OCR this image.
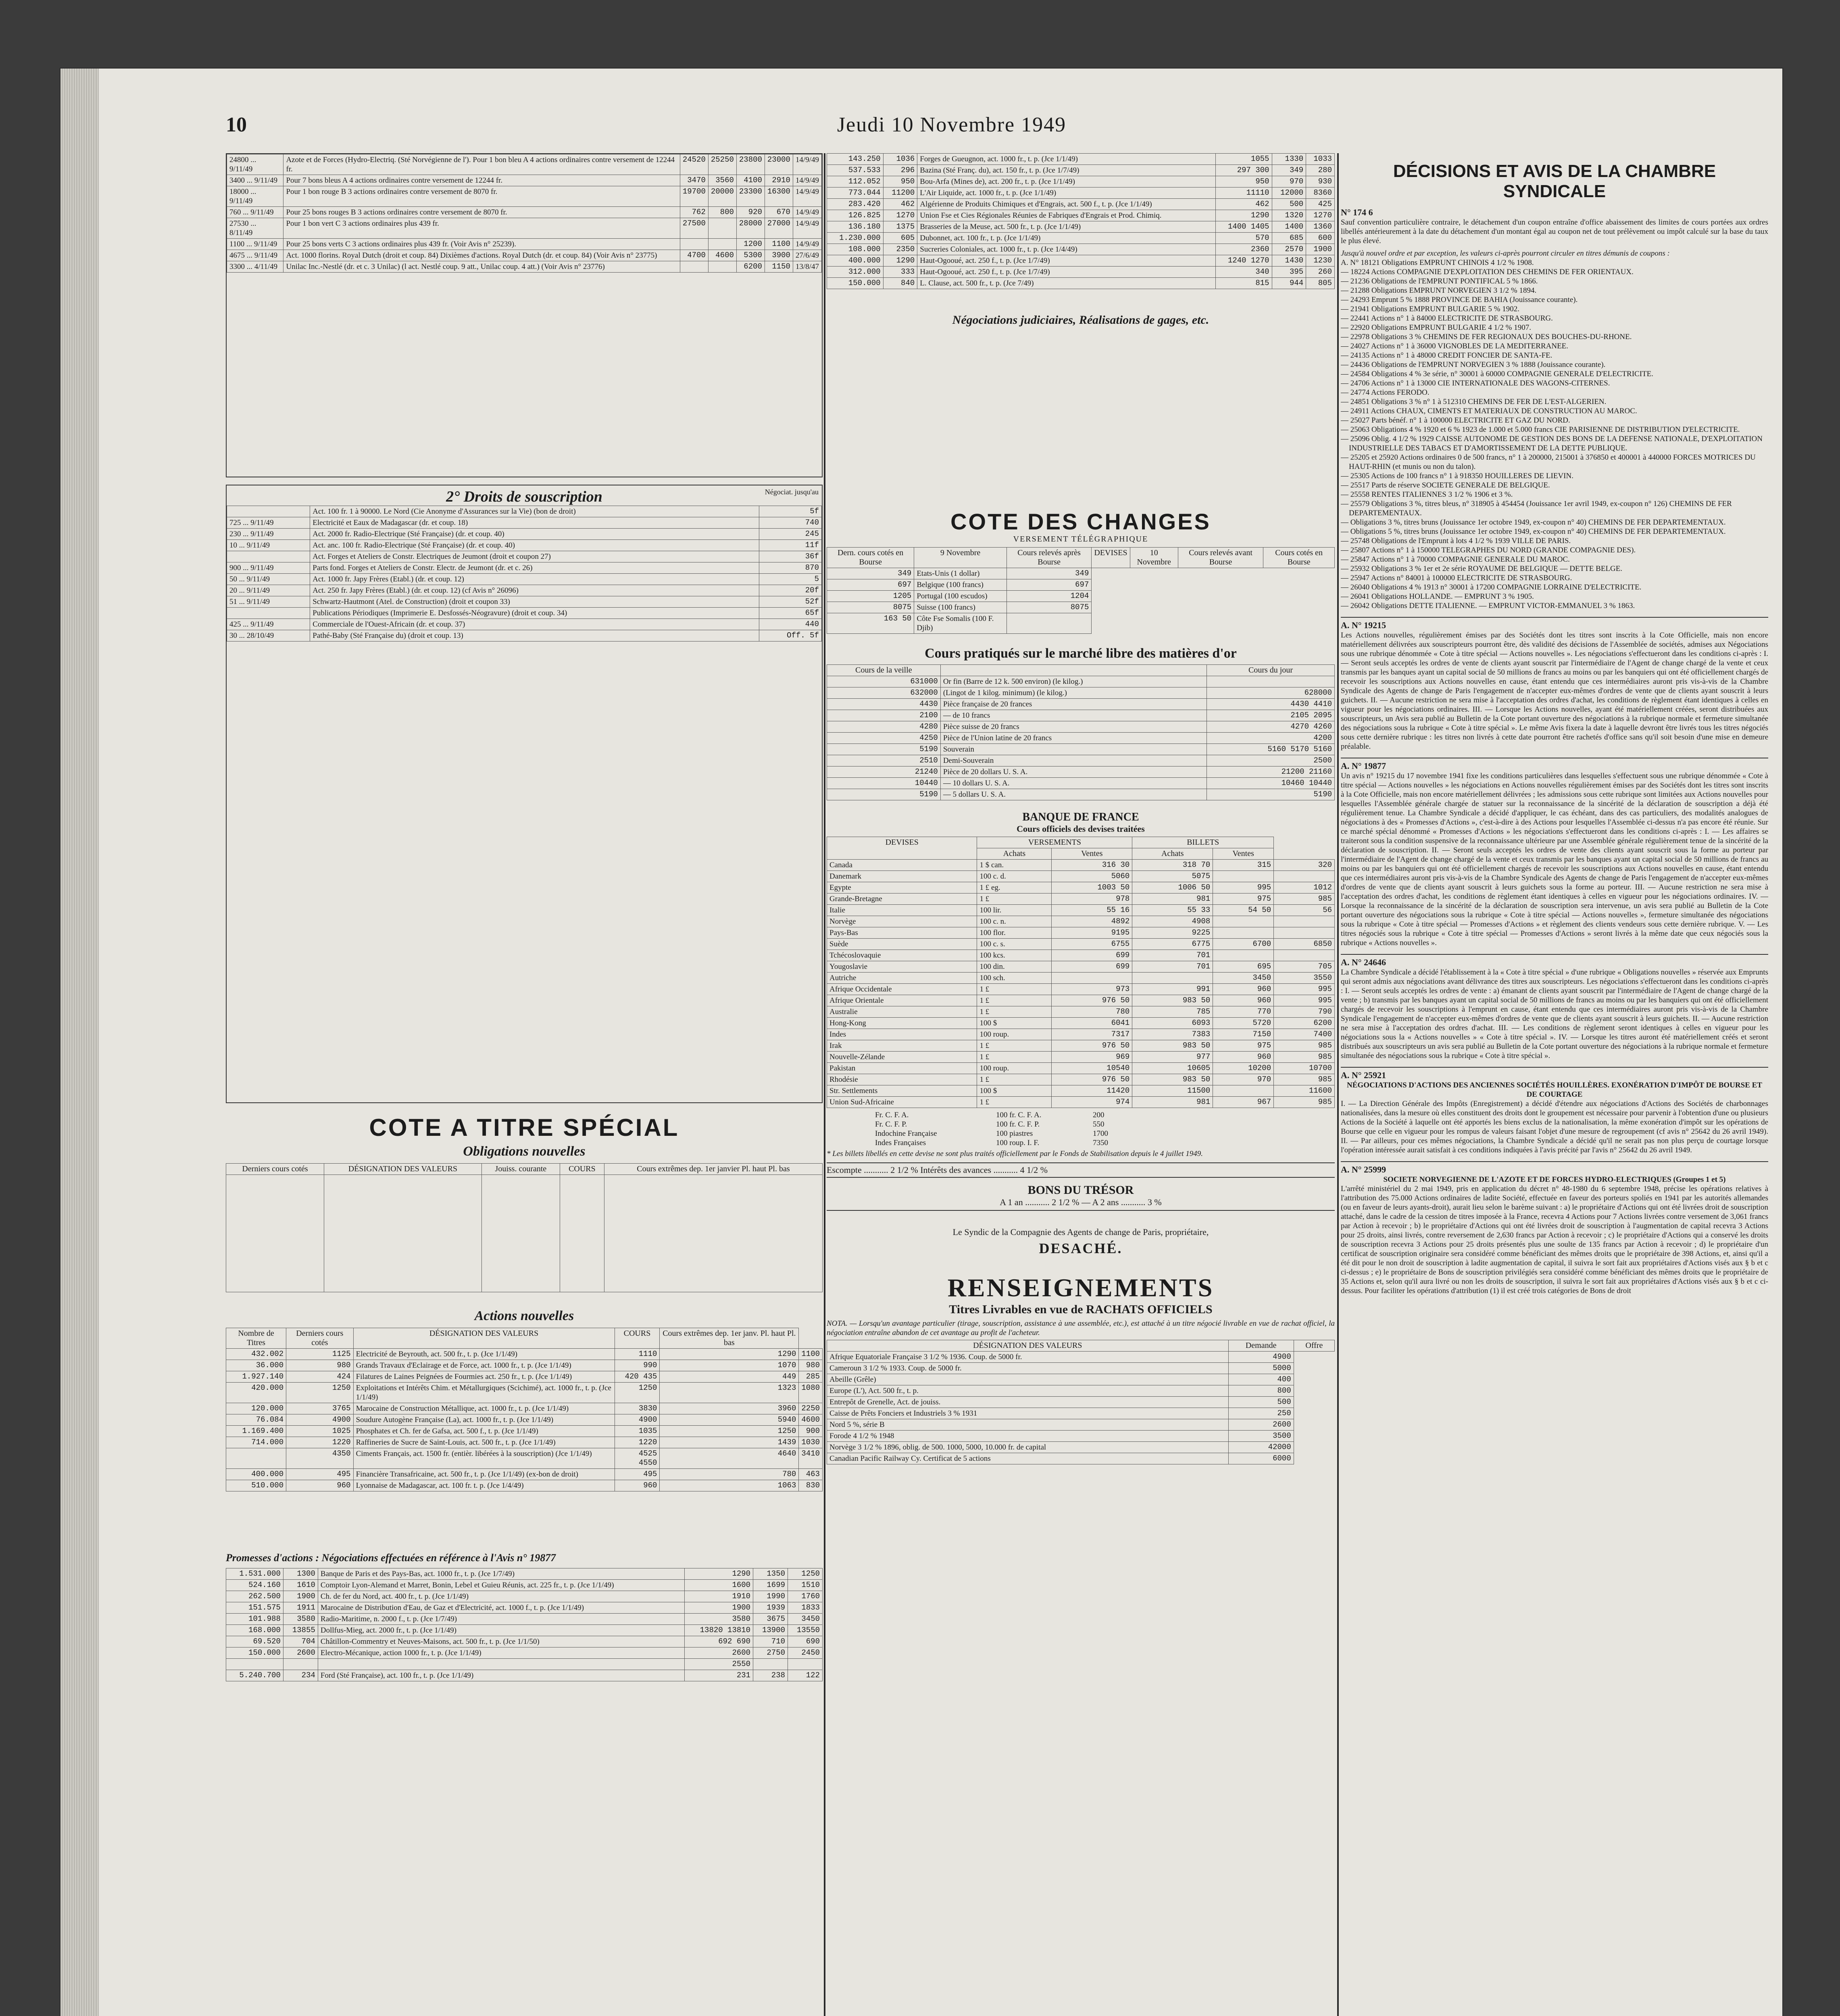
10	Jeudi 10 Novembre 1949
24800 ... 9/11/49	Azote et de Forces (Hydro-Electriq. (Sté Norvégienne de l'). Pour 1 bon bleu A 4 actions ordinaires contre versement de 12244 fr.	24520	25250	23800	23000	14/9/49
3400 ... 9/11/49	Pour 7 bons bleus A 4 actions ordinaires contre versement de 12244 fr.	3470	3560	4100	2910	14/9/49
18000 ... 9/11/49	Pour 1 bon rouge B 3 actions ordinaires contre versement de 8070 fr.	19700	20000	23300	16300	14/9/49
760 ... 9/11/49	Pour 25 bons rouges B 3 actions ordinaires contre versement de 8070 fr.	762	800	920	670	14/9/49
27530 ... 8/11/49	Pour 1 bon vert C 3 actions ordinaires plus 439 fr.	27500		28000	27000	14/9/49
1100 ... 9/11/49	Pour 25 bons verts C 3 actions ordinaires plus 439 fr. (Voir Avis n° 25239).			1200	1100	14/9/49
4675 ... 9/11/49	Act. 1000 florins. Royal Dutch (droit et coup. 84) Dixièmes d'actions. Royal Dutch (dr. et coup. 84) (Voir Avis n° 23775)	4700	4600	5300	3900	27/6/49
3300 ... 4/11/49	Unilac Inc.-Nestlé (dr. et c. 3 Unilac) (l act. Nestlé coup. 9 att., Unilac coup. 4 att.) (Voir Avis n° 23776)			6200	1150	13/8/47
2° Droits de souscription	Négociat. jusqu'au
	Act. 100 fr. 1 à 90000. Le Nord (Cie Anonyme d'Assurances sur la Vie) (bon de droit)	5f
725 ... 9/11/49	Electricité et Eaux de Madagascar (dr. et coup. 18)	740
230 ... 9/11/49	Act. 2000 fr. Radio-Electrique (Sté Française) (dr. et coup. 40)	245
10 ... 9/11/49	Act. anc. 100 fr. Radio-Electrique (Sté Française) (dr. et coup. 40)	11f
	Act. Forges et Ateliers de Constr. Electriques de Jeumont (droit et coupon 27)	36f
900 ... 9/11/49	Parts fond. Forges et Ateliers de Constr. Electr. de Jeumont (dr. et c. 26)	870
50 ... 9/11/49	Act. 1000 fr. Japy Frères (Etabl.) (dr. et coup. 12)	5
20 ... 9/11/49	Act. 250 fr. Japy Frères (Etabl.) (dr. et coup. 12) (cf Avis n° 26096)	20f
51 ... 9/11/49	Schwartz-Hautmont (Atel. de Construction) (droit et coupon 33)	52f
	Publications Périodiques (Imprimerie E. Desfossés-Néogravure) (droit et coup. 34)	65f
425 ... 9/11/49	Commerciale de l'Ouest-Africain (dr. et coup. 37)	440
30 ... 28/10/49	Pathé-Baby (Sté Française du) (droit et coup. 13)	Off. 5f
COTE A TITRE SPÉCIAL
Obligations nouvelles
Derniers cours cotés	DÉSIGNATION DES VALEURS	Jouiss. courante	COURS	Cours extrêmes dep. 1er janvier Pl. haut Pl. bas

Actions nouvelles
Nombre de Titres	Derniers cours cotés	DÉSIGNATION DES VALEURS	COURS	Cours extrêmes dep. 1er janv. Pl. haut Pl. bas	
432.002	1125	Electricité de Beyrouth, act. 500 fr., t. p. (Jce 1/1/49)	1110	1290	1100
36.000	980	Grands Travaux d'Eclairage et de Force, act. 1000 fr., t. p. (Jce 1/1/49)	990	1070	980
1.927.140	424	Filatures de Laines Peignées de Fourmies act. 250 fr., t. p. (Jce 1/1/49)	420 435	449	285
420.000	1250	Exploitations et Intérêts Chim. et Métallurgiques (Scichimé), act. 1000 fr., t. p. (Jce 1/1/49)	1250	1323	1080
120.000	3765	Marocaine de Construction Métallique, act. 1000 fr., t. p. (Jce 1/1/49)	3830	3960	2250
76.084	4900	Soudure Autogène Française (La), act. 1000 fr., t. p. (Jce 1/1/49)	4900	5940	4600
1.169.400	1025	Phosphates et Ch. fer de Gafsa, act. 500 f., t. p. (Jce 1/1/49)	1035	1250	900
714.000	1220	Raffineries de Sucre de Saint-Louis, act. 500 fr., t. p. (Jce 1/1/49)	1220	1439	1030
	4350	Ciments Français, act. 1500 fr. (entièr. libérées à la souscription) (Jce 1/1/49)	4525 4550	4640	3410
400.000	495	Financière Transafricaine, act. 500 fr., t. p. (Jce 1/1/49) (ex-bon de droit)	495	780	463
510.000	960	Lyonnaise de Madagascar, act. 100 fr. t. p. (Jce 1/4/49)	960	1063	830
Promesses d'actions : Négociations effectuées en référence à l'Avis n° 19877
1.531.000	1300	Banque de Paris et des Pays-Bas, act. 1000 fr., t. p. (Jce 1/7/49)	1290	1350	1250
524.160	1610	Comptoir Lyon-Alemand et Marret, Bonin, Lebel et Guieu Réunis, act. 225 fr., t. p. (Jce 1/1/49)	1600	1699	1510
262.500	1900	Ch. de fer du Nord, act. 400 fr., t. p. (Jce 1/1/49)	1910	1990	1760
151.575	1911	Marocaine de Distribution d'Eau, de Gaz et d'Electricité, act. 1000 f., t. p. (Jce 1/1/49)	1900	1939	1833
101.988	3580	Radio-Maritime, n. 2000 f., t. p. (Jce 1/7/49)	3580	3675	3450
168.000	13855	Dollfus-Mieg, act. 2000 fr., t. p. (Jce 1/1/49)	13820 13810	13900	13550
69.520	704	Châtillon-Commentry et Neuves-Maisons, act. 500 fr., t. p. (Jce 1/1/50)	692 690	710	690
150.000	2600	Electro-Mécanique, action 1000 fr., t. p. (Jce 1/1/49)	2600	2750	2450
			2550		
5.240.700	234	Ford (Sté Française), act. 100 fr., t. p. (Jce 1/1/49)	231	238	122
143.250	1036	Forges de Gueugnon, act. 1000 fr., t. p. (Jce 1/1/49)	1055	1330	1033
537.533	296	Bazina (Sté Franç. du), act. 150 fr., t. p. (Jce 1/7/49)	297 300	349	280
112.052	950	Bou-Arfa (Mines de), act. 200 fr., t. p. (Jce 1/1/49)	950	970	930
773.044	11200	L'Air Liquide, act. 1000 fr., t. p. (Jce 1/1/49)	11110	12000	8360
283.420	462	Algérienne de Produits Chimiques et d'Engrais, act. 500 f., t. p. (Jce 1/1/49)	462	500	425
126.825	1270	Union Fse et Cies Régionales Réunies de Fabriques d'Engrais et Prod. Chimiq.	1290	1320	1270
136.180	1375	Brasseries de la Meuse, act. 500 fr., t. p. (Jce 1/1/49)	1400 1405	1400	1360
1.230.000	605	Dubonnet, act. 100 fr., t. p. (Jce 1/1/49)	570	685	600
108.000	2350	Sucreries Coloniales, act. 1000 fr., t. p. (Jce 1/4/49)	2360	2570	1900
400.000	1290	Haut-Ogooué, act. 250 f., t. p. (Jce 1/7/49)	1240 1270	1430	1230
312.000	333	Haut-Ogooué, act. 250 f., t. p. (Jce 1/7/49)	340	395	260
150.000	840	L. Clause, act. 500 fr., t. p. (Jce 7/49)	815	944	805
Négociations judiciaires, Réalisations de gages, etc.
COTE DES CHANGES
VERSEMENT TÉLÉGRAPHIQUE
Dern. cours cotés en Bourse	9 Novembre	Cours relevés après Bourse	DEVISES	10 Novembre	Cours relevés avant Bourse	Cours cotés en Bourse
349	Etats-Unis (1 dollar)	349				
697	Belgique (100 francs)	697				
1205	Portugal (100 escudos)	1204				
8075	Suisse (100 francs)	8075				
163 50	Côte Fse Somalis (100 F. Djib)					
Cours pratiqués sur le marché libre des matières d'or
Cours de la veille		Cours du jour
631000	Or fin (Barre de 12 k. 500 environ) (le kilog.)	
632000	(Lingot de 1 kilog. minimum) (le kilog.)	628000
4430	Pièce française de 20 frances	4430 4410
2100	— de 10 francs	2105 2095
4280	Pièce suisse de 20 francs	4270 4260
4250	Pièce de l'Union latine de 20 francs	4200
5190	Souverain	5160 5170 5160
2510	Demi-Souverain	2500
21240	Pièce de 20 dollars U. S. A.	21200 21160
10440	— 10 dollars U. S. A.	10460 10440
5190	— 5 dollars U. S. A.	5190
BANQUE DE FRANCE
Cours officiels des devises traitées
DEVISES	VERSEMENTS		BILLETS		
	Achats	Ventes	Achats	Ventes	
Canada	1 $ can.	316 30	318 70	315	320
Danemark	100 c. d.	5060	5075		
Egypte	1 £ eg.	1003 50	1006 50	995	1012
Grande-Bretagne	1 £	978	981	975	985
Italie	100 lir.	55 16	55 33	54 50	56
Norvège	100 c. n.	4892	4908		
Pays-Bas	100 flor.	9195	9225		
Suède	100 c. s.	6755	6775	6700	6850
Tchécoslovaquie	100 kcs.	699	701		
Yougoslavie	100 din.	699	701	695	705
Autriche	100 sch.			3450	3550
Afrique Occidentale	1 £	973	991	960	995
Afrique Orientale	1 £	976 50	983 50	960	995
Australie	1 £	780	785	770	790
Hong-Kong	100 $	6041	6093	5720	6200
Indes	100 roup.	7317	7383	7150	7400
Irak	1 £	976 50	983 50	975	985
Nouvelle-Zélande	1 £	969	977	960	985
Pakistan	100 roup.	10540	10605	10200	10700
Rhodésie	1 £	976 50	983 50	970	985
Str. Settlements	100 $	11420	11500		11600
Union Sud-Africaine	1 £	974	981	967	985
Fr. C. F. A.	100 fr. C. F. A.	200
Fr. C. F. P.	100 fr. C. F. P.	550
Indochine Française	100 piastres	1700
Indes Françaises	100 roup. I. F.	7350
* Les billets libellés en cette devise ne sont plus traités officiellement par le Fonds de Stabilisation depuis le 4 juillet 1949.
Escompte ........... 2 1/2 % Intérêts des avances ........... 4 1/2 %
BONS DU TRÉSOR
A 1 an ........... 2 1/2 % — A 2 ans ........... 3 %
Le Syndic de la Compagnie des Agents de change de Paris, propriétaire,
DESACHÉ.
RENSEIGNEMENTS
Titres Livrables en vue de RACHATS OFFICIELS
NOTA. — Lorsqu'un avantage particulier (tirage, souscription, assistance à une assemblée, etc.), est attaché à un titre négocié livrable en vue de rachat officiel, la négociation entraîne abandon de cet avantage au profit de l'acheteur.
DÉSIGNATION DES VALEURS	Demande	Offre
Afrique Equatoriale Française 3 1/2 % 1936. Coup. de 5000 fr.	4900	
Cameroun 3 1/2 % 1933. Coup. de 5000 fr.	5000	
Abeille (Grêle)	400	
Europe (L'), Act. 500 fr., t. p.	800	
Entrepôt de Grenelle, Act. de jouiss.	500	
Caisse de Prêts Fonciers et Industriels 3 % 1931	250	
Nord 5 %, série B	2600	
Forode 4 1/2 % 1948	3500	
Norvège 3 1/2 % 1896, oblig. de 500. 1000, 5000, 10.000 fr. de capital	42000	
Canadian Pacific Railway Cy. Certificat de 5 actions	6000	
DÉCISIONS ET AVIS DE LA CHAMBRE SYNDICALE
N° 174 6
Sauf convention particulière contraire, le détachement d'un coupon entraîne d'office abaissement des limites de cours portées aux ordres libellés antérieurement à la date du détachement d'un montant égal au coupon net de tout prélèvement ou impôt calculé sur la base du taux le plus élevé.
Jusqu'à nouvel ordre et par exception, les valeurs ci-après pourront circuler en titres démunis de coupons :
A. N° 18121 Obligations EMPRUNT CHINOIS 4 1/2 % 1908.
— 18224 Actions COMPAGNIE D'EXPLOITATION DES CHEMINS DE FER ORIENTAUX.
— 21236 Obligations de l'EMPRUNT PONTIFICAL 5 % 1866.
— 21288 Obligations EMPRUNT NORVEGIEN 3 1/2 % 1894.
— 24293 Emprunt 5 % 1888 PROVINCE DE BAHIA (Jouissance courante).
— 21941 Obligations EMPRUNT BULGARIE 5 % 1902.
— 22441 Actions n° 1 à 84000 ELECTRICITE DE STRASBOURG.
— 22920 Obligations EMPRUNT BULGARIE 4 1/2 % 1907.
— 22978 Obligations 3 % CHEMINS DE FER REGIONAUX DES BOUCHES-DU-RHONE.
— 24027 Actions n° 1 à 36000 VIGNOBLES DE LA MEDITERRANEE.
— 24135 Actions n° 1 à 48000 CREDIT FONCIER DE SANTA-FE.
— 24436 Obligations de l'EMPRUNT NORVEGIEN 3 % 1888 (Jouissance courante).
— 24584 Obligations 4 % 3e série, n° 30001 à 60000 COMPAGNIE GENERALE D'ELECTRICITE.
— 24706 Actions n° 1 à 13000 CIE INTERNATIONALE DES WAGONS-CITERNES.
— 24774 Actions FERODO.
— 24851 Obligations 3 % n° 1 à 512310 CHEMINS DE FER DE L'EST-ALGERIEN.
— 24911 Actions CHAUX, CIMENTS ET MATERIAUX DE CONSTRUCTION AU MAROC.
— 25027 Parts bénéf. n° 1 à 100000 ELECTRICITE ET GAZ DU NORD.
— 25063 Obligations 4 % 1920 et 6 % 1923 de 1.000 et 5.000 francs CIE PARISIENNE DE DISTRIBUTION D'ELECTRICITE.
— 25096 Oblig. 4 1/2 % 1929 CAISSE AUTONOME DE GESTION DES BONS DE LA DEFENSE NATIONALE, D'EXPLOITATION INDUSTRIELLE DES TABACS ET D'AMORTISSEMENT DE LA DETTE PUBLIQUE.
— 25205 et 25920 Actions ordinaires 0 de 500 francs, n° 1 à 200000, 215001 à 376850 et 400001 à 440000 FORCES MOTRICES DU HAUT-RHIN (et munis ou non du talon).
— 25305 Actions de 100 francs n° 1 à 918350 HOUILLERES DE LIEVIN.
— 25517 Parts de réserve SOCIETE GENERALE DE BELGIQUE.
— 25558 RENTES ITALIENNES 3 1/2 % 1906 et 3 %.
— 25579 Obligations 3 %, titres bleus, n° 318905 à 454454 (Jouissance 1er avril 1949, ex-coupon n° 126) CHEMINS DE FER DEPARTEMENTAUX.
— Obligations 3 %, titres bruns (Jouissance 1er octobre 1949, ex-coupon n° 40) CHEMINS DE FER DEPARTEMENTAUX.
— Obligations 5 %, titres bruns (Jouissance 1er octobre 1949, ex-coupon n° 40) CHEMINS DE FER DEPARTEMENTAUX.
— 25748 Obligations de l'Emprunt à lots 4 1/2 % 1939 VILLE DE PARIS.
— 25807 Actions n° 1 à 150000 TELEGRAPHES DU NORD (GRANDE COMPAGNIE DES).
— 25847 Actions n° 1 à 70000 COMPAGNIE GENERALE DU MAROC.
— 25932 Obligations 3 % 1er et 2e série ROYAUME DE BELGIQUE — DETTE BELGE.
— 25947 Actions n° 84001 à 100000 ELECTRICITE DE STRASBOURG.
— 26040 Obligations 4 % 1913 n° 30001 à 17200 COMPAGNIE LORRAINE D'ELECTRICITE.
— 26041 Obligations HOLLANDE. — EMPRUNT 3 % 1905.
— 26042 Obligations DETTE ITALIENNE. — EMPRUNT VICTOR-EMMANUEL 3 % 1863.
A. N° 19215
Les Actions nouvelles, régulièrement émises par des Sociétés dont les titres sont inscrits à la Cote Officielle, mais non encore matériellement délivrées aux souscripteurs pourront être, dès validité des décisions de l'Assemblée de sociétés, admises aux Négociations sous une rubrique dénommée « Cote à titre spécial — Actions nouvelles ». Les négociations s'effectueront dans les conditions ci-après : I. — Seront seuls acceptés les ordres de vente de clients ayant souscrit par l'intermédiaire de l'Agent de change chargé de la vente et ceux transmis par les banques ayant un capital social de 50 millions de francs au moins ou par les banquiers qui ont été officiellement chargés de recevoir les souscriptions aux Actions nouvelles en cause, étant entendu que ces intermédiaires auront pris vis-à-vis de la Chambre Syndicale des Agents de change de Paris l'engagement de n'accepter eux-mêmes d'ordres de vente que de clients ayant souscrit à leurs guichets. II. — Aucune restriction ne sera mise à l'acceptation des ordres d'achat, les conditions de règlement étant identiques à celles en vigueur pour les négociations ordinaires. III. — Lorsque les Actions nouvelles, ayant été matériellement créées, seront distribuées aux souscripteurs, un Avis sera publié au Bulletin de la Cote portant ouverture des négociations à la rubrique normale et fermeture simultanée des négociations sous la rubrique « Cote à titre spécial ». Le même Avis fixera la date à laquelle devront être livrés tous les titres négociés sous cette dernière rubrique : les titres non livrés à cette date pourront être rachetés d'office sans qu'il soit besoin d'une mise en demeure préalable.
A. N° 19877
Un avis n° 19215 du 17 novembre 1941 fixe les conditions particulières dans lesquelles s'effectuent sous une rubrique dénommée « Cote à titre spécial — Actions nouvelles » les négociations en Actions nouvelles régulièrement émises par des Sociétés dont les titres sont inscrits à la Cote Officielle, mais non encore matériellement délivrées ; les admissions sous cette rubrique sont limitées aux Actions nouvelles pour lesquelles l'Assemblée générale chargée de statuer sur la reconnaissance de la sincérité de la déclaration de souscription a déjà été régulièrement tenue. La Chambre Syndicale a décidé d'appliquer, le cas échéant, dans des cas particuliers, des modalités analogues de négociations à des « Promesses d'Actions », c'est-à-dire à des Actions pour lesquelles l'Assemblée ci-dessus n'a pas encore été réunie. Sur ce marché spécial dénommé « Promesses d'Actions » les négociations s'effectueront dans les conditions ci-après : I. — Les affaires se traiteront sous la condition suspensive de la reconnaissance ultérieure par une Assemblée générale régulièrement tenue de la sincérité de la déclaration de souscription. II. — Seront seuls acceptés les ordres de vente des clients ayant souscrit sous la forme au porteur par l'intermédiaire de l'Agent de change chargé de la vente et ceux transmis par les banques ayant un capital social de 50 millions de francs au moins ou par les banquiers qui ont été officiellement chargés de recevoir les souscriptions aux Actions nouvelles en cause, étant entendu que ces intermédiaires auront pris vis-à-vis de la Chambre Syndicale des Agents de change de Paris l'engagement de n'accepter eux-mêmes d'ordres de vente que de clients ayant souscrit à leurs guichets sous la forme au porteur. III. — Aucune restriction ne sera mise à l'acceptation des ordres d'achat, les conditions de règlement étant identiques à celles en vigueur pour les négociations ordinaires. IV. — Lorsque la reconnaissance de la sincérité de la déclaration de souscription sera intervenue, un avis sera publié au Bulletin de la Cote portant ouverture des négociations sous la rubrique « Cote à titre spécial — Actions nouvelles », fermeture simultanée des négociations sous la rubrique « Cote à titre spécial — Promesses d'Actions » et règlement des clients vendeurs sous cette dernière rubrique. V. — Les titres négociés sous la rubrique « Cote à titre spécial — Promesses d'Actions » seront livrés à la même date que ceux négociés sous la rubrique « Actions nouvelles ».
A. N° 24646
La Chambre Syndicale a décidé l'établissement à la « Cote à titre spécial » d'une rubrique « Obligations nouvelles » réservée aux Emprunts qui seront admis aux négociations avant délivrance des titres aux souscripteurs. Les négociations s'effectueront dans les conditions ci-après : I. — Seront seuls acceptés les ordres de vente : a) émanant de clients ayant souscrit par l'intermédiaire de l'Agent de change chargé de la vente ; b) transmis par les banques ayant un capital social de 50 millions de francs au moins ou par les banquiers qui ont été officiellement chargés de recevoir les souscriptions à l'emprunt en cause, étant entendu que ces intermédiaires auront pris vis-à-vis de la Chambre Syndicale l'engagement de n'accepter eux-mêmes d'ordres de vente que de clients ayant souscrit à leurs guichets. II. — Aucune restriction ne sera mise à l'acceptation des ordres d'achat. III. — Les conditions de règlement seront identiques à celles en vigueur pour les négociations sous la « Actions nouvelles » « Cote à titre spécial ». IV. — Lorsque les titres auront été matériellement créés et seront distribués aux souscripteurs un avis sera publié au Bulletin de la Cote portant ouverture des négociations à la rubrique normale et fermeture simultanée des négociations sous la rubrique « Cote à titre spécial ».
A. N° 25921
NÉGOCIATIONS D'ACTIONS DES ANCIENNES SOCIÉTÉS HOUILLÈRES. EXONÉRATION D'IMPÔT DE BOURSE ET DE COURTAGE
I. — La Direction Générale des Impôts (Enregistrement) a décidé d'étendre aux négociations d'Actions des Sociétés de charbonnages nationalisées, dans la mesure où elles constituent des droits dont le groupement est nécessaire pour parvenir à l'obtention d'une ou plusieurs Actions de la Société à laquelle ont été apportés les biens exclus de la nationalisation, la même exonération d'impôt sur les opérations de Bourse que celle en vigueur pour les rompus de valeurs faisant l'objet d'une mesure de regroupement (cf avis n° 25642 du 26 avril 1949). II. — Par ailleurs, pour ces mêmes négociations, la Chambre Syndicale a décidé qu'il ne serait pas non plus perçu de courtage lorsque l'opération intéressée aurait satisfait à ces conditions indiquées à l'avis précité par l'avis n° 25642 du 26 avril 1949.
A. N° 25999
SOCIETE NORVEGIENNE DE L'AZOTE ET DE FORCES HYDRO-ELECTRIQUES (Groupes 1 et 5)
L'arrêté ministériel du 2 mai 1949, pris en application du décret n° 48-1980 du 6 septembre 1948, précise les opérations relatives à l'attribution des 75.000 Actions ordinaires de ladite Société, effectuée en faveur des porteurs spoliés en 1941 par les autorités allemandes (ou en faveur de leurs ayants-droit), aurait lieu selon le barème suivant : a) le propriétaire d'Actions qui ont été livrées droit de souscription attaché, dans le cadre de la cession de titres imposée à la France, recevra 4 Actions pour 7 Actions livrées contre versement de 3,061 francs par Action à recevoir ; b) le propriétaire d'Actions qui ont été livrées droit de souscription à l'augmentation de capital recevra 3 Actions pour 25 droits, ainsi livrés, contre reversement de 2,630 francs par Action à recevoir ; c) le propriétaire d'Actions qui a conservé les droits de souscription recevra 3 Actions pour 25 droits présentés plus une soulte de 135 francs par Action à recevoir ; d) le propriétaire d'un certificat de souscription originaire sera considéré comme bénéficiant des mêmes droits que le propriétaire de 398 Actions, et, ainsi qu'il a été dit pour le non droit de souscription à ladite augmentation de capital, il suivra le sort fait aux propriétaires d'Actions visés aux § b et c ci-dessus ; e) le propriétaire de Bons de souscription privilégiés sera considéré comme bénéficiant des mêmes droits que le propriétaire de 35 Actions et, selon qu'il aura livré ou non les droits de souscription, il suivra le sort fait aux propriétaires d'Actions visés aux § b et c ci-dessus. Pour faciliter les opérations d'attribution (1) il est créé trois catégories de Bons de droit
